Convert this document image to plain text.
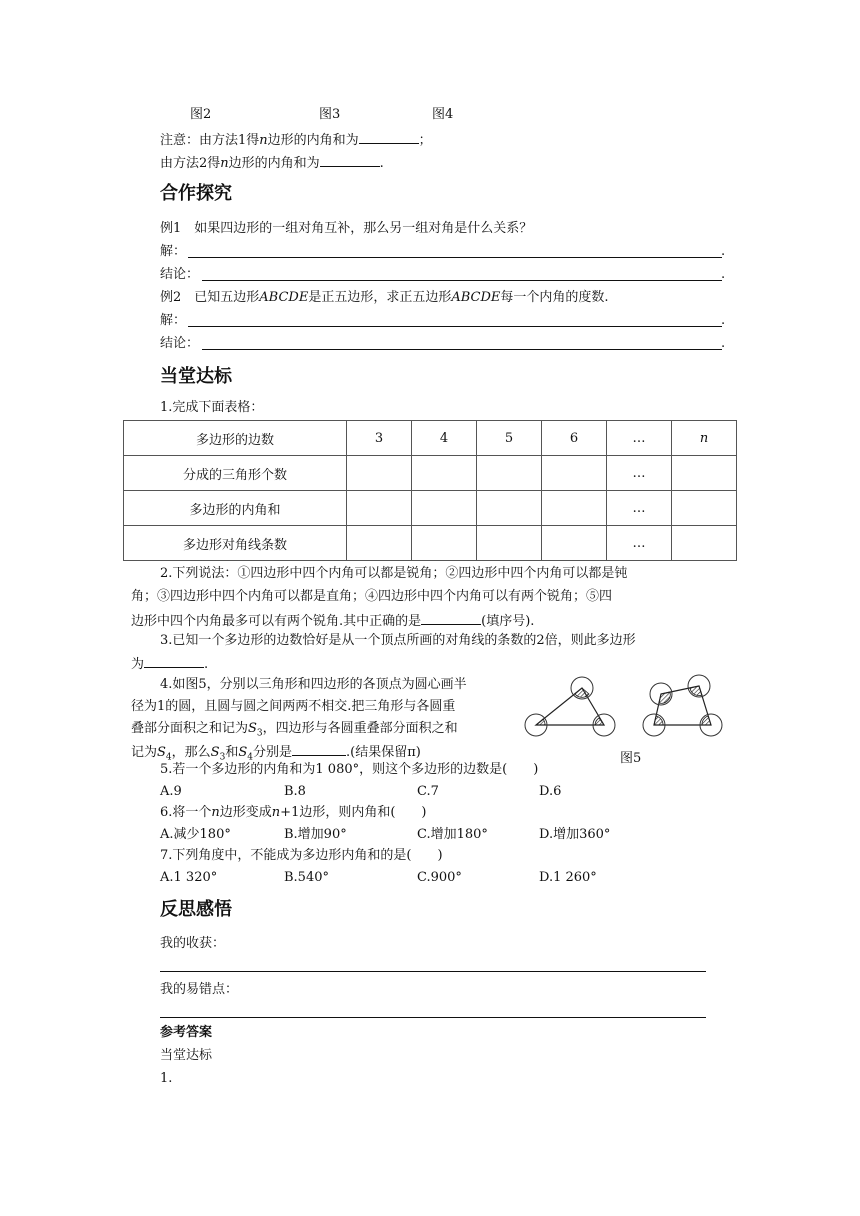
图2	图3	图4
注意：由方法1得n边形的内角和为	；
由方法2得n边形的内角和为	.
合作探究
例1　如果四边形的一组对角互补，那么另一组对角是什么关系？
解：	.
结论：	.
例2　已知五边形ABCDE是正五边形，求正五边形ABCDE每一个内角的度数.
解：	.
结论：	.
当堂达标
1.完成下面表格：
多边形的边数	3	4	5	6	…	n
分成的三角形个数					…	
多边形的内角和					…	
多边形对角线条数					…	
2.下列说法：①四边形中四个内角可以都是锐角；②四边形中四个内角可以都是钝
角；③四边形中四个内角可以都是直角；④四边形中四个内角可以有两个锐角；⑤四
边形中四个内角最多可以有两个锐角.其中正确的是	(填序号).
3.已知一个多边形的边数恰好是从一个顶点所画的对角线的条数的2倍，则此多边形
为	.
4.如图5，分别以三角形和四边形的各顶点为圆心画半
径为1的圆，且圆与圆之间两两不相交.把三角形与各圆重
叠部分面积之和记为$S_3$，四边形与各圆重叠部分面积之和
记为$S_4$，那么$S_3$和$S_4$分别是	.(结果保留π)	图5
5.若一个多边形的内角和为1 080°，则这个多边形的边数是(　　)
A.9	B.8	C.7	D.6
6.将一个n边形变成n+1边形，则内角和(　　)
A.减少180°	B.增加90°	C.增加180°	D.增加360°
7.下列角度中，不能成为多边形内角和的是(　　)
A.1 320°	B.540°	C.900°	D.1 260°
反思感悟
我的收获：
我的易错点：
参考答案
当堂达标
1.
